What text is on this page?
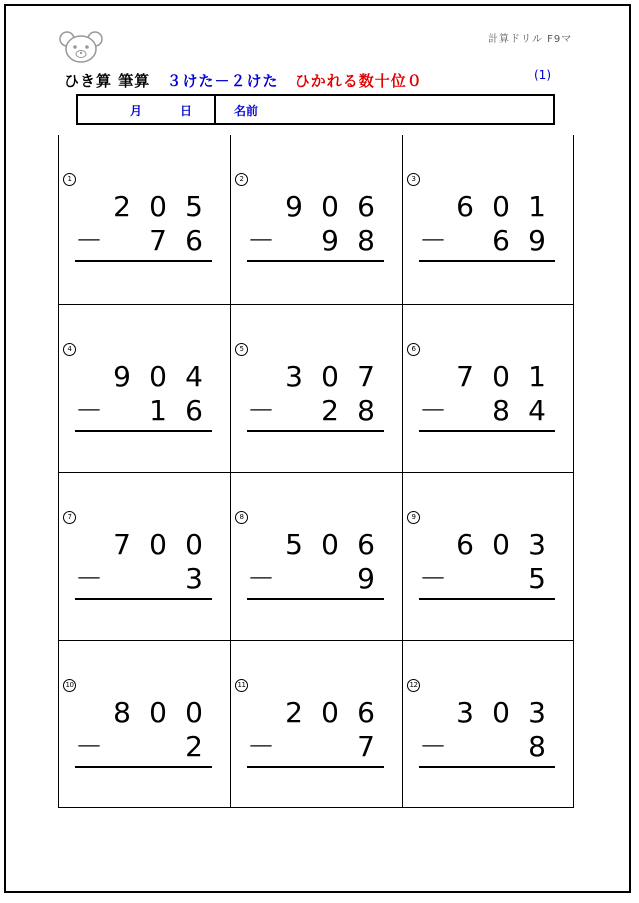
計算ドリル F9マ
ひき算 筆算 ３けた－２けた ひかれる数十位０	(1)
月	日	名前
1
2 0 5
－	7 6
2
9 0 6
－	9 8
3
6 0 1
－	6 9
4
9 0 4
－	1 6
5
3 0 7
－	2 8
6
7 0 1
－	8 4
7
7 0 0
－	3
8
5 0 6
－	9
9
6 0 3
－	5
10
8 0 0
－	2
11
2 0 6
－	7
12
3 0 3
－	8
